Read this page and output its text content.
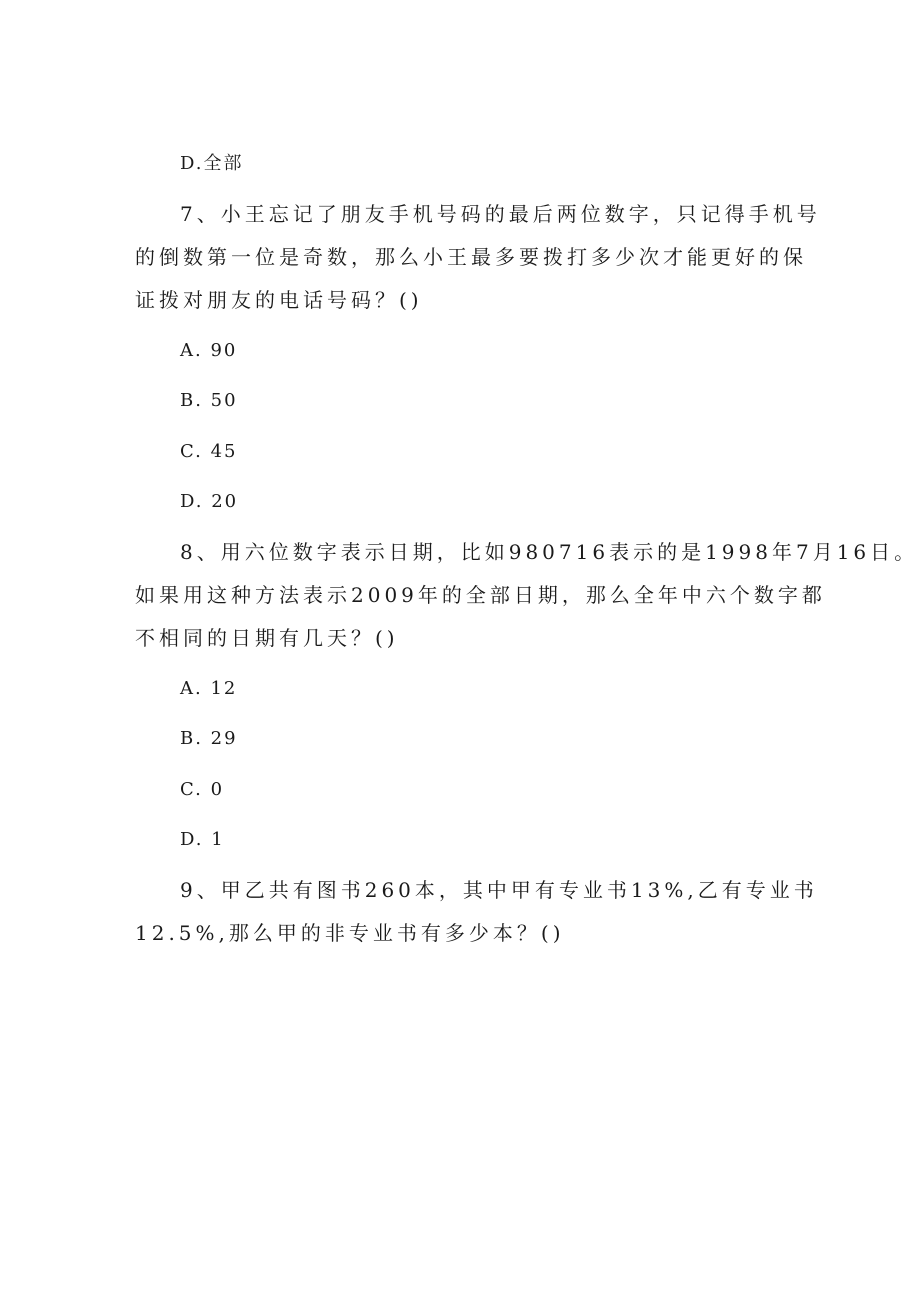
D.全部
7、小王忘记了朋友手机号码的最后两位数字，只记得手机号
的倒数第一位是奇数，那么小王最多要拨打多少次才能更好的保
证拨对朋友的电话号码？()
A. 90
B. 50
C. 45
D. 20
8、用六位数字表示日期，比如980716表示的是1998年7月16日。
如果用这种方法表示2009年的全部日期，那么全年中六个数字都
不相同的日期有几天？()
A. 12
B. 29
C. 0
D. 1
9、甲乙共有图书260本，其中甲有专业书13%,乙有专业书
12.5%,那么甲的非专业书有多少本？()
